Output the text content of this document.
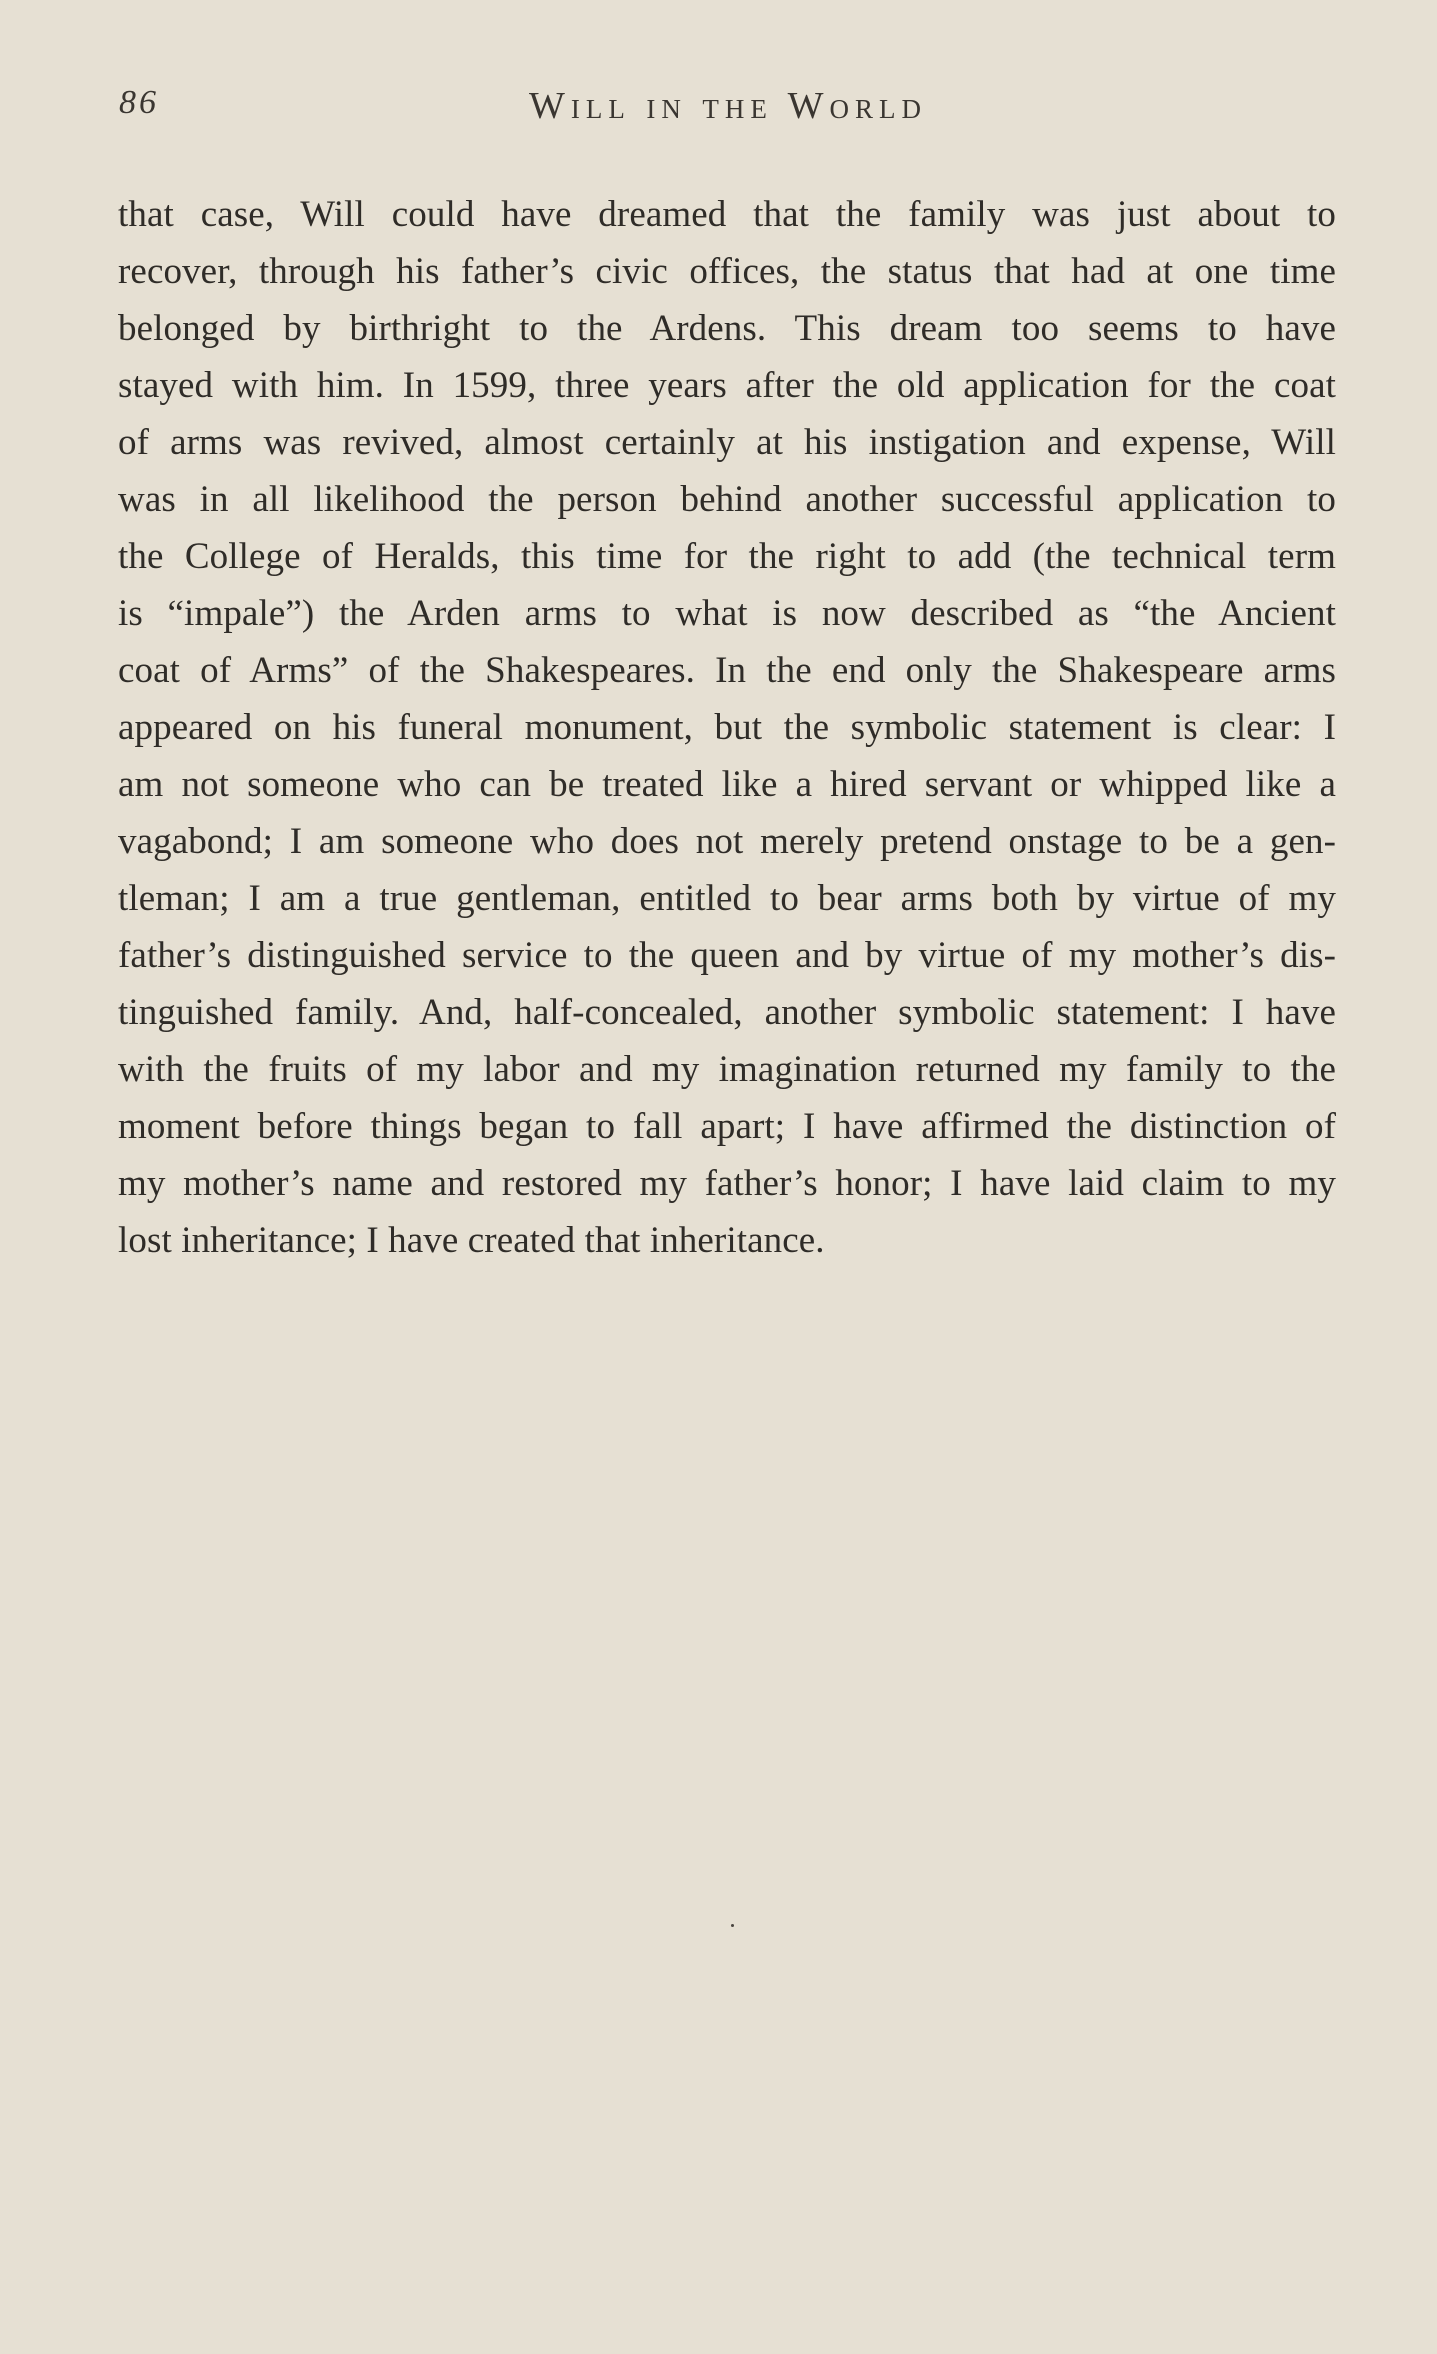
86	Will in the World
that case, Will could have dreamed that the family was just about to
recover, through his father’s civic offices, the status that had at one time
belonged by birthright to the Ardens. This dream too seems to have
stayed with him. In 1599, three years after the old application for the coat
of arms was revived, almost certainly at his instigation and expense, Will
was in all likelihood the person behind another successful application to
the College of Heralds, this time for the right to add (the technical term
is “impale”) the Arden arms to what is now described as “the Ancient
coat of Arms” of the Shakespeares. In the end only the Shakespeare arms
appeared on his funeral monument, but the symbolic statement is clear: I
am not someone who can be treated like a hired servant or whipped like a
vagabond; I am someone who does not merely pretend onstage to be a gen-
tleman; I am a true gentleman, entitled to bear arms both by virtue of my
father’s distinguished service to the queen and by virtue of my mother’s dis-
tinguished family. And, half-concealed, another symbolic statement: I have
with the fruits of my labor and my imagination returned my family to the
moment before things began to fall apart; I have affirmed the distinction of
my mother’s name and restored my father’s honor; I have laid claim to my
lost inheritance; I have created that inheritance.
